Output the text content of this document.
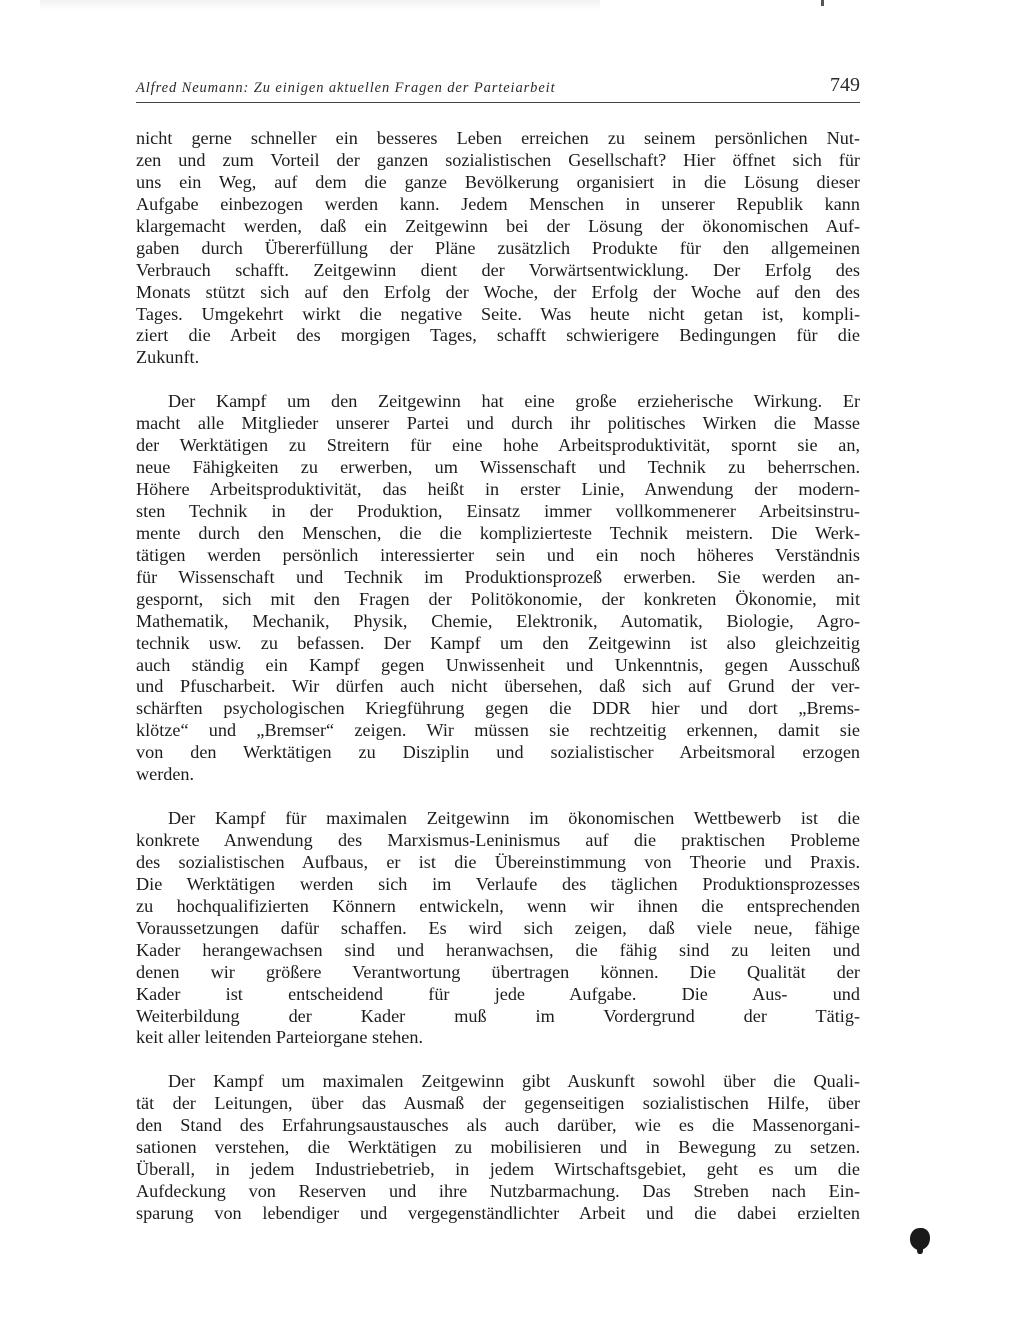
Alfred Neumann: Zu einigen aktuellen Fragen der Parteiarbeit	749
nicht gerne schneller ein besseres Leben erreichen zu seinem persönlichen Nut-
zen und zum Vorteil der ganzen sozialistischen Gesellschaft? Hier öffnet sich für
uns ein Weg, auf dem die ganze Bevölkerung organisiert in die Lösung dieser
Aufgabe einbezogen werden kann. Jedem Menschen in unserer Republik kann
klargemacht werden, daß ein Zeitgewinn bei der Lösung der ökonomischen Auf-
gaben durch Übererfüllung der Pläne zusätzlich Produkte für den allgemeinen
Verbrauch schafft. Zeitgewinn dient der Vorwärtsentwicklung. Der Erfolg des
Monats stützt sich auf den Erfolg der Woche, der Erfolg der Woche auf den des
Tages. Umgekehrt wirkt die negative Seite. Was heute nicht getan ist, kompli-
ziert die Arbeit des morgigen Tages, schafft schwierigere Bedingungen für die
Zukunft.
Der Kampf um den Zeitgewinn hat eine große erzieherische Wirkung. Er
macht alle Mitglieder unserer Partei und durch ihr politisches Wirken die Masse
der Werktätigen zu Streitern für eine hohe Arbeitsproduktivität, spornt sie an,
neue Fähigkeiten zu erwerben, um Wissenschaft und Technik zu beherrschen.
Höhere Arbeitsproduktivität, das heißt in erster Linie, Anwendung der modern-
sten Technik in der Produktion, Einsatz immer vollkommenerer Arbeitsinstru-
mente durch den Menschen, die die komplizierteste Technik meistern. Die Werk-
tätigen werden persönlich interessierter sein und ein noch höheres Verständnis
für Wissenschaft und Technik im Produktionsprozeß erwerben. Sie werden an-
gespornt, sich mit den Fragen der Politökonomie, der konkreten Ökonomie, mit
Mathematik, Mechanik, Physik, Chemie, Elektronik, Automatik, Biologie, Agro-
technik usw. zu befassen. Der Kampf um den Zeitgewinn ist also gleichzeitig
auch ständig ein Kampf gegen Unwissenheit und Unkenntnis, gegen Ausschuß
und Pfuscharbeit. Wir dürfen auch nicht übersehen, daß sich auf Grund der ver-
schärften psychologischen Kriegführung gegen die DDR hier und dort „Brems-
klötze“ und „Bremser“ zeigen. Wir müssen sie rechtzeitig erkennen, damit sie
von den Werktätigen zu Disziplin und sozialistischer Arbeitsmoral erzogen
werden.
Der Kampf für maximalen Zeitgewinn im ökonomischen Wettbewerb ist die
konkrete Anwendung des Marxismus-Leninismus auf die praktischen Probleme
des sozialistischen Aufbaus, er ist die Übereinstimmung von Theorie und Praxis.
Die Werktätigen werden sich im Verlaufe des täglichen Produktionsprozesses
zu hochqualifizierten Könnern entwickeln, wenn wir ihnen die entsprechenden
Voraussetzungen dafür schaffen. Es wird sich zeigen, daß viele neue, fähige
Kader herangewachsen sind und heranwachsen, die fähig sind zu leiten und
denen wir größere Verantwortung übertragen können. Die Qualität der
Kader ist entscheidend für jede Aufgabe. Die Aus- und
Weiterbildung der Kader muß im Vordergrund der Tätig-
keit aller leitenden Parteiorgane stehen.
Der Kampf um maximalen Zeitgewinn gibt Auskunft sowohl über die Quali-
tät der Leitungen, über das Ausmaß der gegenseitigen sozialistischen Hilfe, über
den Stand des Erfahrungsaustausches als auch darüber, wie es die Massenorgani-
sationen verstehen, die Werktätigen zu mobilisieren und in Bewegung zu setzen.
Überall, in jedem Industriebetrieb, in jedem Wirtschaftsgebiet, geht es um die
Aufdeckung von Reserven und ihre Nutzbarmachung. Das Streben nach Ein-
sparung von lebendiger und vergegenständlichter Arbeit und die dabei erzielten
